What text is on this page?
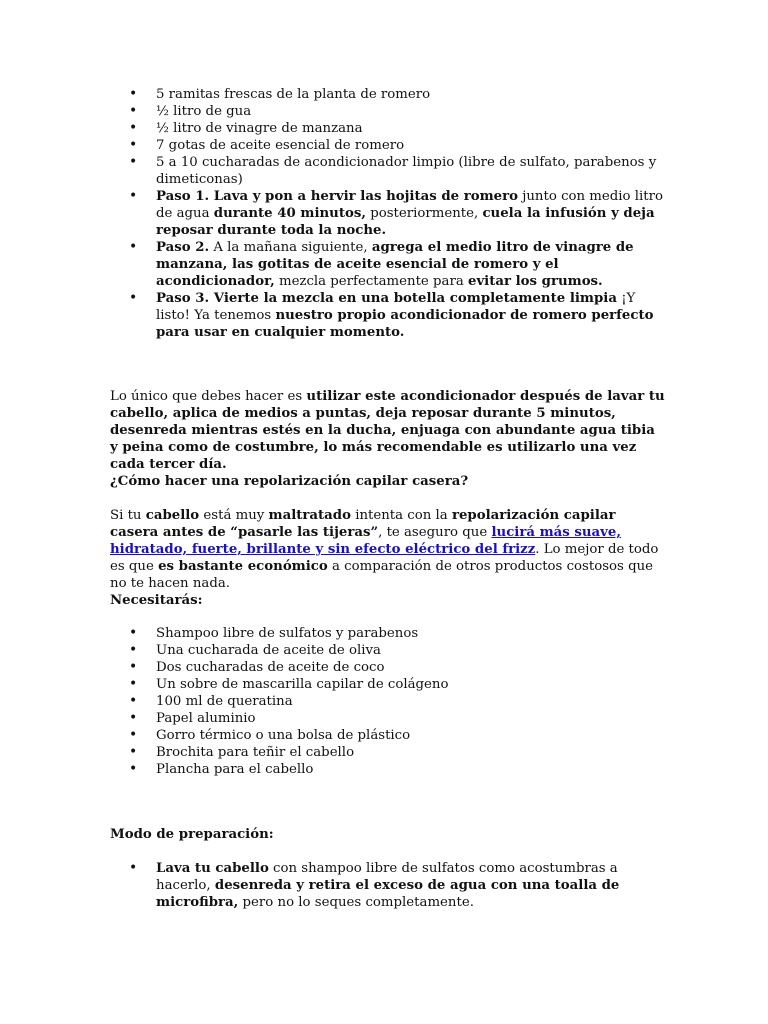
• 5 ramitas frescas de la planta de romero
• ½ litro de gua
• ½ litro de vinagre de manzana
• 7 gotas de aceite esencial de romero
• 5 a 10 cucharadas de acondicionador limpio (libre de sulfato, parabenos y dimeticonas)
• Paso 1. Lava y pon a hervir las hojitas de romero junto con medio litro de agua durante 40 minutos, posteriormente, cuela la infusión y deja reposar durante toda la noche.
• Paso 2. A la mañana siguiente, agrega el medio litro de vinagre de manzana, las gotitas de aceite esencial de romero y el acondicionador, mezcla perfectamente para evitar los grumos.
• Paso 3. Vierte la mezcla en una botella completamente limpia ¡Y listo! Ya tenemos nuestro propio acondicionador de romero perfecto para usar en cualquier momento.

Lo único que debes hacer es utilizar este acondicionador después de lavar tu cabello, aplica de medios a puntas, deja reposar durante 5 minutos, desenreda mientras estés en la ducha, enjuaga con abundante agua tibia y peina como de costumbre, lo más recomendable es utilizarlo una vez cada tercer día.

¿Cómo hacer una repolarización capilar casera?

Si tu cabello está muy maltratado intenta con la repolarización capilar casera antes de “pasarle las tijeras”, te aseguro que lucirá más suave, hidratado, fuerte, brillante y sin efecto eléctrico del frizz. Lo mejor de todo es que es bastante económico a comparación de otros productos costosos que no te hacen nada.

Necesitarás:

• Shampoo libre de sulfatos y parabenos
• Una cucharada de aceite de oliva
• Dos cucharadas de aceite de coco
• Un sobre de mascarilla capilar de colágeno
• 100 ml de queratina
• Papel aluminio
• Gorro térmico o una bolsa de plástico
• Brochita para teñir el cabello
• Plancha para el cabello

Modo de preparación:

• Lava tu cabello con shampoo libre de sulfatos como acostumbras a hacerlo, desenreda y retira el exceso de agua con una toalla de microfibra, pero no lo seques completamente.
